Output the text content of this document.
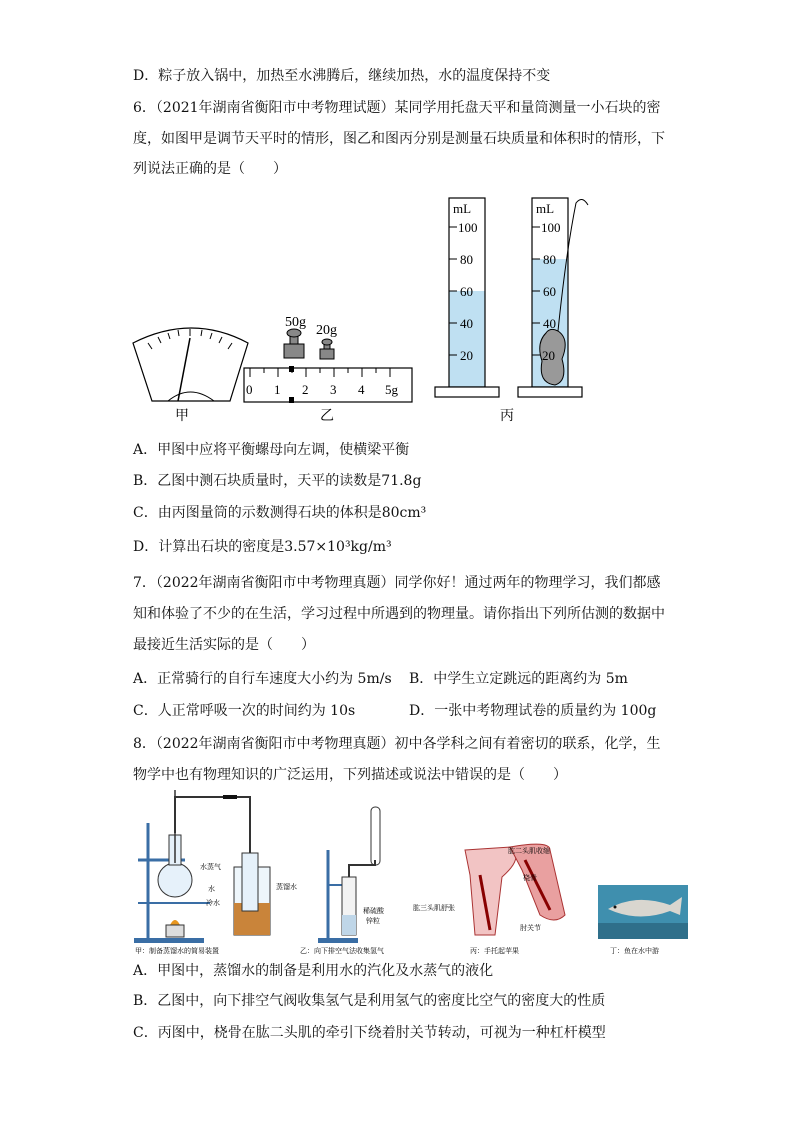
D．粽子放入锅中，加热至水沸腾后，继续加热，水的温度保持不变
6．（2021年湖南省衡阳市中考物理试题）某同学用托盘天平和量筒测量一小石块的密
度，如图甲是调节天平时的情形，图乙和图丙分别是测量石块质量和体积时的情形，下
列说法正确的是（　　）
甲
50g
20g
0 1 2 3 4 5g
乙
mL
100
80
60
40
20
mL
100
80
60
40
20
丙
A．甲图中应将平衡螺母向左调，使横梁平衡
B．乙图中测石块质量时，天平的读数是71.8g
C．由丙图量筒的示数测得石块的体积是80cm³
D．计算出石块的密度是3.57×10³kg/m³
7．（2022年湖南省衡阳市中考物理真题）同学你好！通过两年的物理学习，我们都感
知和体验了不少的在生活，学习过程中所遇到的物理量。请你指出下列所估测的数据中
最接近生活实际的是（　　）
A．正常骑行的自行车速度大小约为 5m/s B．中学生立定跳远的距离约为 5m
C．人正常呼吸一次的时间约为 10s	D．一张中考物理试卷的质量约为 100g
8．（2022年湖南省衡阳市中考物理真题）初中各学科之间有着密切的联系，化学，生
物学中也有物理知识的广泛运用，下列描述或说法中错误的是（　　）
水蒸气
水
冷水
蒸馏水
甲：制备蒸馏水的简易装置
稀硫酸
锌粒
乙：向下排空气法收集氢气
肱二头肌收缩
桡骨
肱三头肌舒张
肘关节
丙：手托起苹果	丁：鱼在水中游
A．甲图中，蒸馏水的制备是利用水的汽化及水蒸气的液化
B．乙图中，向下排空气阀收集氢气是利用氢气的密度比空气的密度大的性质
C．丙图中，桡骨在肱二头肌的牵引下绕着肘关节转动，可视为一种杠杆模型
